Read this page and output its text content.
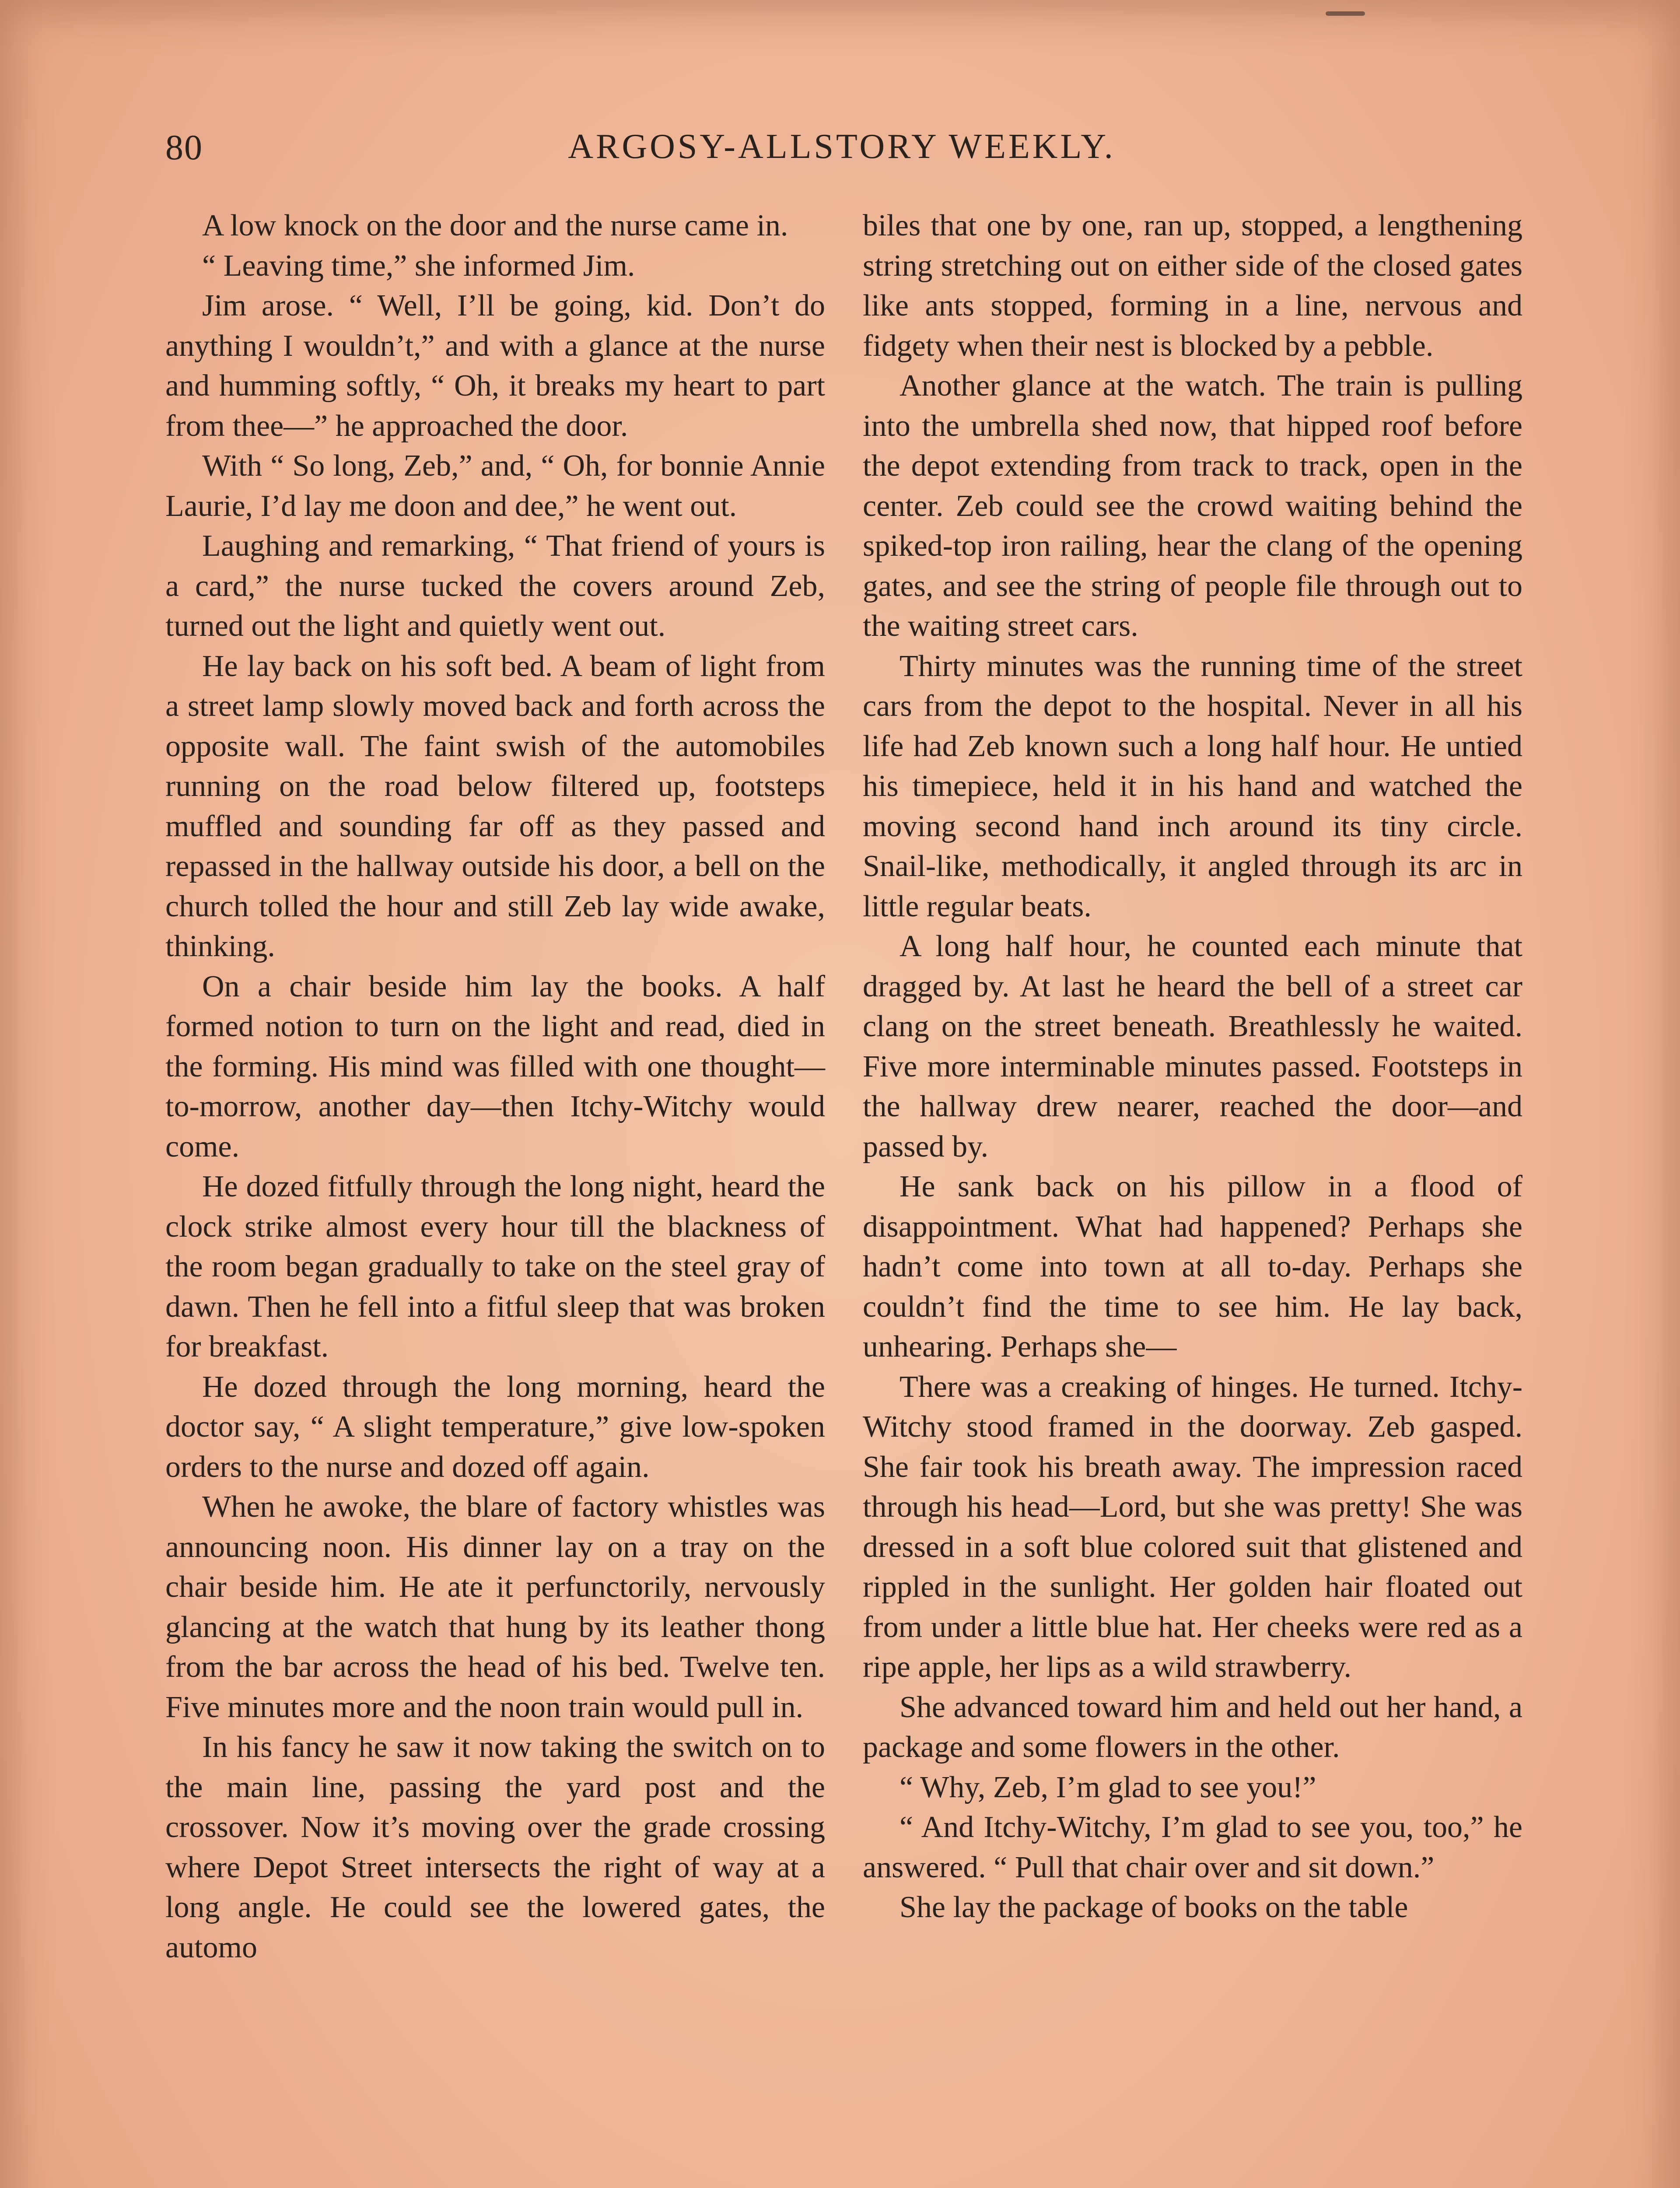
80	ARGOSY-ALLSTORY WEEKLY.

A low knock on the door and the nurse came in.

“ Leaving time,” she informed Jim.

Jim arose. “ Well, I’ll be going, kid. Don’t do anything I wouldn’t,” and with a glance at the nurse and humming softly, “ Oh, it breaks my heart to part from thee—” he approached the door.

With “ So long, Zeb,” and, “ Oh, for bonnie Annie Laurie, I’d lay me doon and dee,” he went out.

Laughing and remarking, “ That friend of yours is a card,” the nurse tucked the covers around Zeb, turned out the light and quietly went out.

He lay back on his soft bed. A beam of light from a street lamp slowly moved back and forth across the opposite wall. The faint swish of the automobiles running on the road below filtered up, footsteps muffled and sounding far off as they passed and repassed in the hallway outside his door, a bell on the church tolled the hour and still Zeb lay wide awake, thinking.

On a chair beside him lay the books. A half formed notion to turn on the light and read, died in the forming. His mind was filled with one thought—to-morrow, another day—then Itchy-Witchy would come.

He dozed fitfully through the long night, heard the clock strike almost every hour till the blackness of the room began gradually to take on the steel gray of dawn. Then he fell into a fitful sleep that was broken for breakfast.

He dozed through the long morning, heard the doctor say, “ A slight temperature,” give low-spoken orders to the nurse and dozed off again.

When he awoke, the blare of factory whistles was announcing noon. His dinner lay on a tray on the chair beside him. He ate it perfunctorily, nervously glancing at the watch that hung by its leather thong from the bar across the head of his bed. Twelve ten. Five minutes more and the noon train would pull in.

In his fancy he saw it now taking the switch on to the main line, passing the yard post and the crossover. Now it’s moving over the grade crossing where Depot Street intersects the right of way at a long angle. He could see the lowered gates, the automo

biles that one by one, ran up, stopped, a lengthening string stretching out on either side of the closed gates like ants stopped, forming in a line, nervous and fidgety when their nest is blocked by a pebble.

Another glance at the watch. The train is pulling into the umbrella shed now, that hipped roof before the depot extending from track to track, open in the center. Zeb could see the crowd waiting behind the spiked-top iron railing, hear the clang of the opening gates, and see the string of people file through out to the waiting street cars.

Thirty minutes was the running time of the street cars from the depot to the hospital. Never in all his life had Zeb known such a long half hour. He untied his timepiece, held it in his hand and watched the moving second hand inch around its tiny circle. Snail-like, methodically, it angled through its arc in little regular beats.

A long half hour, he counted each minute that dragged by. At last he heard the bell of a street car clang on the street beneath. Breathlessly he waited. Five more interminable minutes passed. Footsteps in the hallway drew nearer, reached the door—and passed by.

He sank back on his pillow in a flood of disappointment. What had happened? Perhaps she hadn’t come into town at all to-day. Perhaps she couldn’t find the time to see him. He lay back, unhearing. Perhaps she—

There was a creaking of hinges. He turned. Itchy-Witchy stood framed in the doorway. Zeb gasped. She fair took his breath away. The impression raced through his head—Lord, but she was pretty! She was dressed in a soft blue colored suit that glistened and rippled in the sunlight. Her golden hair floated out from under a little blue hat. Her cheeks were red as a ripe apple, her lips as a wild strawberry.

She advanced toward him and held out her hand, a package and some flowers in the other.

“ Why, Zeb, I’m glad to see you!”

“ And Itchy-Witchy, I’m glad to see you, too,” he answered. “ Pull that chair over and sit down.”

She lay the package of books on the table
